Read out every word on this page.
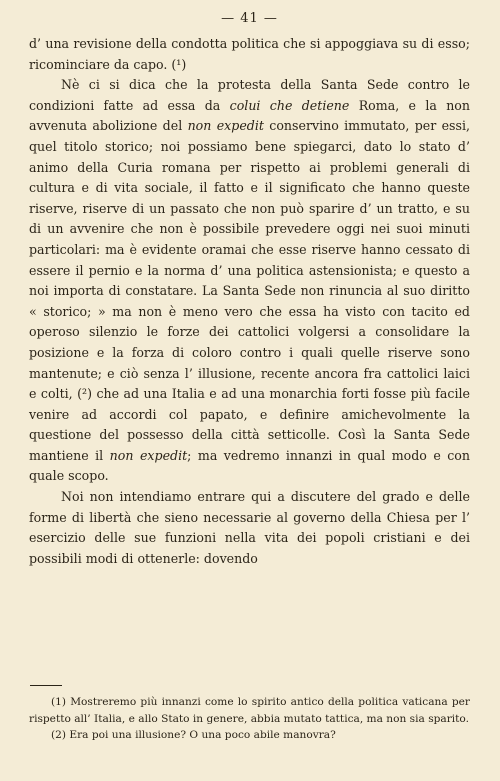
— 41 —

d’ una revisione della condotta politica che si appoggiava su di esso; ricominciare da capo. (¹)

Nè ci si dica che la protesta della Santa Sede contro le condizioni fatte ad essa da colui che detiene Roma, e la non avvenuta abolizione del non expedit conservino immutato, per essi, quel titolo storico; noi possiamo bene spiegarci, dato lo stato d’ animo della Curia romana per rispetto ai problemi generali di cultura e di vita sociale, il fatto e il significato che hanno queste riserve, riserve di un passato che non può sparire d’ un tratto, e su di un avvenire che non è possibile prevedere oggi nei suoi minuti particolari: ma è evidente oramai che esse riserve hanno cessato di essere il pernio e la norma d’ una politica astensionista; e questo a noi importa di constatare. La Santa Sede non rinuncia al suo diritto « storico; » ma non è meno vero che essa ha visto con tacito ed operoso silenzio le forze dei cattolici volgersi a consolidare la posizione e la forza di coloro contro i quali quelle riserve sono mantenute; e ciò senza l’ illusione, recente ancora fra cattolici laici e colti, (²) che ad una Italia e ad una monarchia forti fosse più facile venire ad accordi col papato, e definire amichevolmente la questione del possesso della città setticolle. Così la Santa Sede mantiene il non expedit; ma vedremo innanzi in qual modo e con quale scopo.

Noi non intendiamo entrare qui a discutere del grado e delle forme di libertà che sieno necessarie al governo della Chiesa per l’ esercizio delle sue funzioni nella vita dei popoli cristiani e dei possibili modi di ottenerle: dovendo

(1) Mostreremo più innanzi come lo spirito antico della politica vaticana per rispetto all’ Italia, e allo Stato in genere, abbia mutato tattica, ma non sia sparito.

(2) Era poi una illusione? O una poco abile manovra?
